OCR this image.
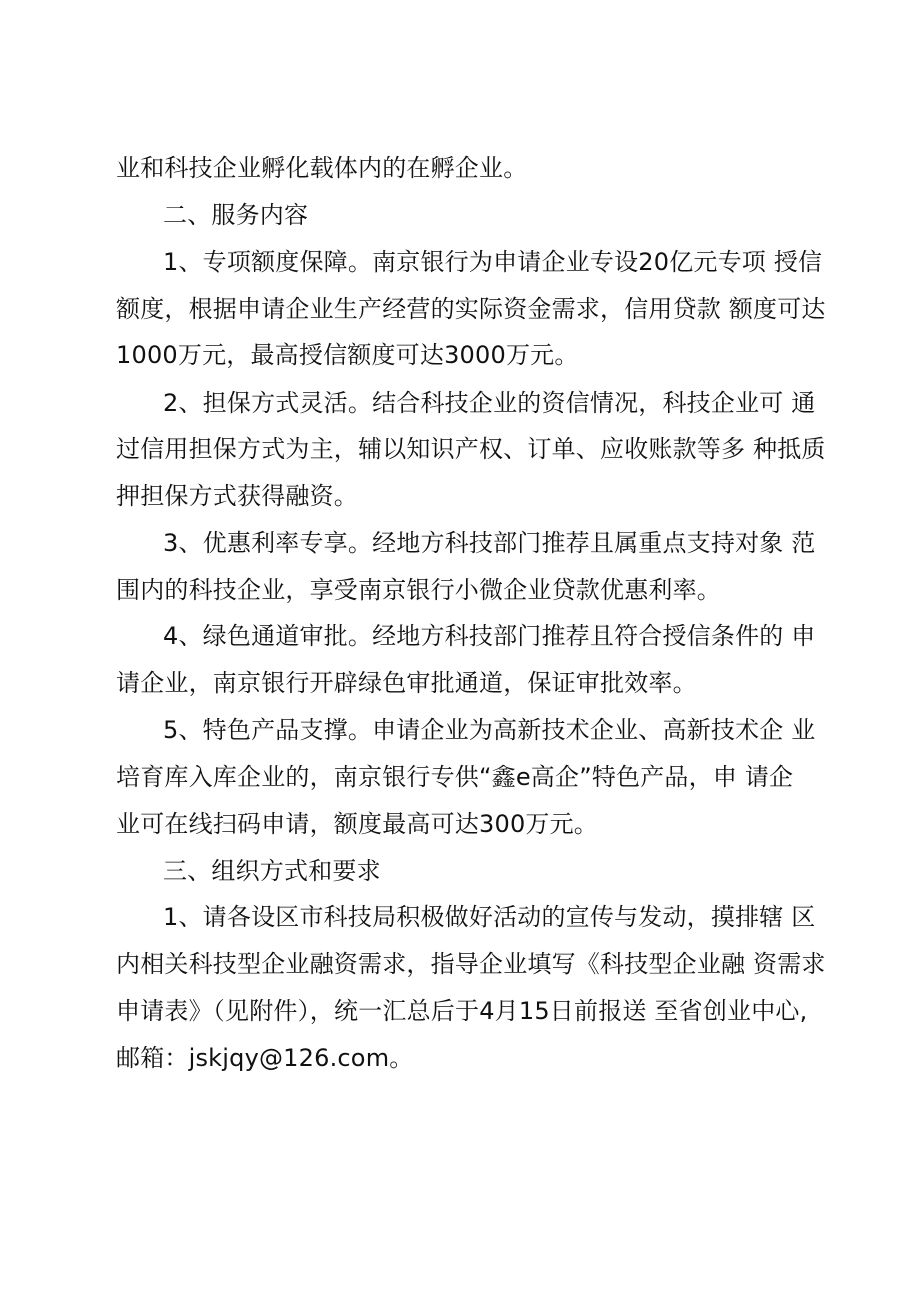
业和科技企业孵化载体内的在孵企业。
二、服务内容
1、专项额度保障。南京银行为申请企业专设20亿元专项 授信
额度，根据申请企业生产经营的实际资金需求，信用贷款 额度可达
1000万元，最高授信额度可达3000万元。
2、担保方式灵活。结合科技企业的资信情况，科技企业可 通
过信用担保方式为主，辅以知识产权、订单、应收账款等多 种抵质
押担保方式获得融资。
3、优惠利率专享。经地方科技部门推荐且属重点支持对象 范
围内的科技企业，享受南京银行小微企业贷款优惠利率。
4、绿色通道审批。经地方科技部门推荐且符合授信条件的 申
请企业，南京银行开辟绿色审批通道，保证审批效率。
5、特色产品支撑。申请企业为高新技术企业、高新技术企 业
培育库入库企业的，南京银行专供“鑫e高企”特色产品，申 请企
业可在线扫码申请，额度最高可达300万元。
三、组织方式和要求
1、请各设区市科技局积极做好活动的宣传与发动，摸排辖 区
内相关科技型企业融资需求，指导企业填写《科技型企业融 资需求
申请表》（见附件），统一汇总后于4月15日前报送 至省创业中心,
邮箱：jskjqy@126.com。
